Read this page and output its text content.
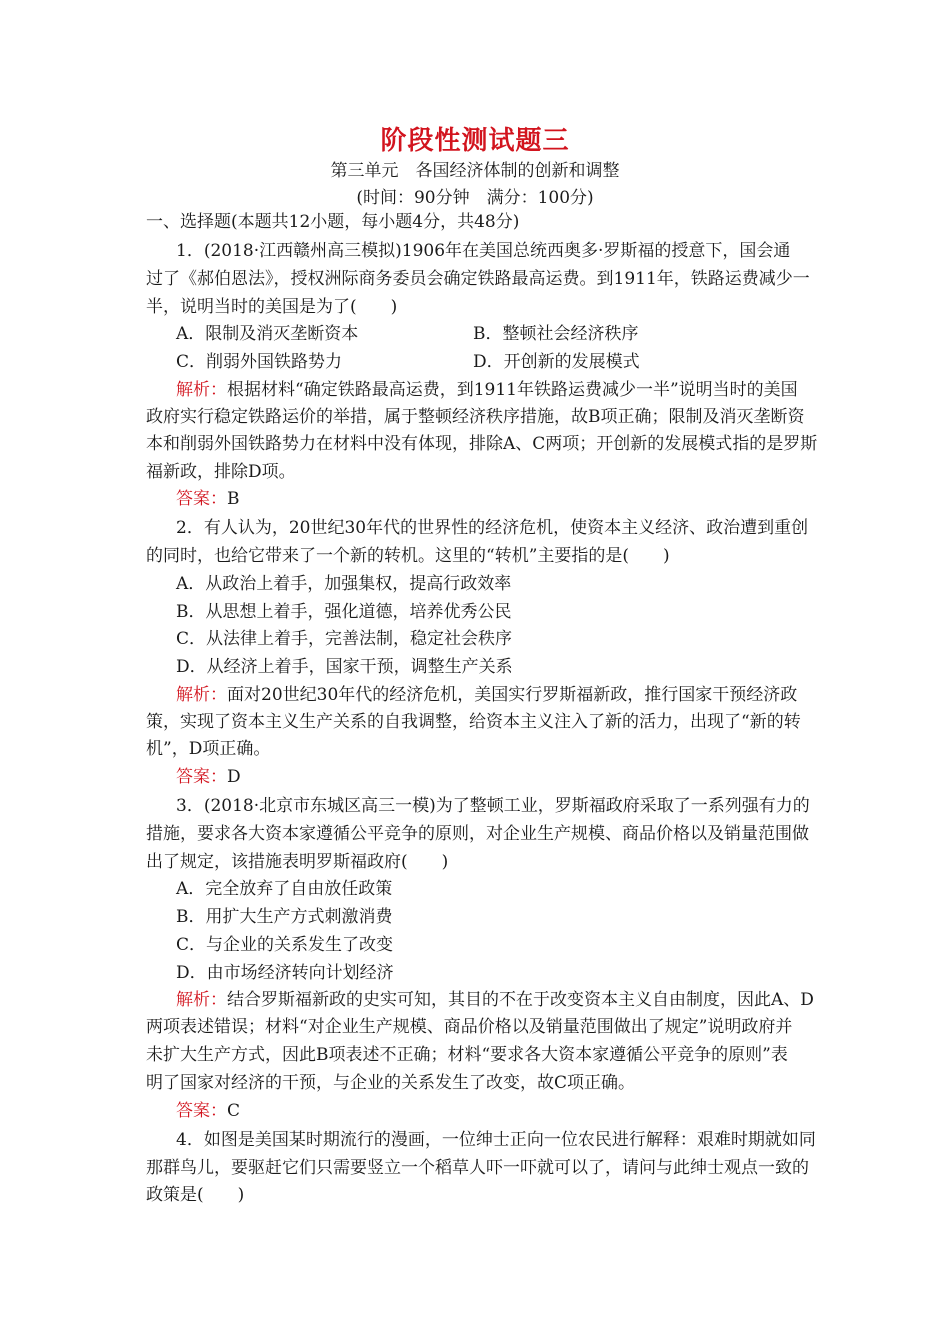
阶段性测试题三
第三单元　各国经济体制的创新和调整
(时间：90分钟　满分：100分)
一、选择题(本题共12小题，每小题4分，共48分)
1．(2018·江西赣州高三模拟)1906年在美国总统西奥多·罗斯福的授意下，国会通
过了《郝伯恩法》，授权洲际商务委员会确定铁路最高运费。到1911年，铁路运费减少一
半，说明当时的美国是为了(　　)
A．限制及消灭垄断资本	B．整顿社会经济秩序
C．削弱外国铁路势力	D．开创新的发展模式
解析：根据材料“确定铁路最高运费，到1911年铁路运费减少一半”说明当时的美国
政府实行稳定铁路运价的举措，属于整顿经济秩序措施，故B项正确；限制及消灭垄断资
本和削弱外国铁路势力在材料中没有体现，排除A、C两项；开创新的发展模式指的是罗斯
福新政，排除D项。
答案：B
2．有人认为，20世纪30年代的世界性的经济危机，使资本主义经济、政治遭到重创
的同时，也给它带来了一个新的转机。这里的“转机”主要指的是(　　)
A．从政治上着手，加强集权，提高行政效率
B．从思想上着手，强化道德，培养优秀公民
C．从法律上着手，完善法制，稳定社会秩序
D．从经济上着手，国家干预，调整生产关系
解析：面对20世纪30年代的经济危机，美国实行罗斯福新政，推行国家干预经济政
策，实现了资本主义生产关系的自我调整，给资本主义注入了新的活力，出现了“新的转
机”，D项正确。
答案：D
3．(2018·北京市东城区高三一模)为了整顿工业，罗斯福政府采取了一系列强有力的
措施，要求各大资本家遵循公平竞争的原则，对企业生产规模、商品价格以及销量范围做
出了规定，该措施表明罗斯福政府(　　)
A．完全放弃了自由放任政策
B．用扩大生产方式刺激消费
C．与企业的关系发生了改变
D．由市场经济转向计划经济
解析：结合罗斯福新政的史实可知，其目的不在于改变资本主义自由制度，因此A、D
两项表述错误；材料“对企业生产规模、商品价格以及销量范围做出了规定”说明政府并
未扩大生产方式，因此B项表述不正确；材料“要求各大资本家遵循公平竞争的原则”表
明了国家对经济的干预，与企业的关系发生了改变，故C项正确。
答案：C
4．如图是美国某时期流行的漫画，一位绅士正向一位农民进行解释：艰难时期就如同
那群鸟儿，要驱赶它们只需要竖立一个稻草人吓一吓就可以了，请问与此绅士观点一致的
政策是(　　)
